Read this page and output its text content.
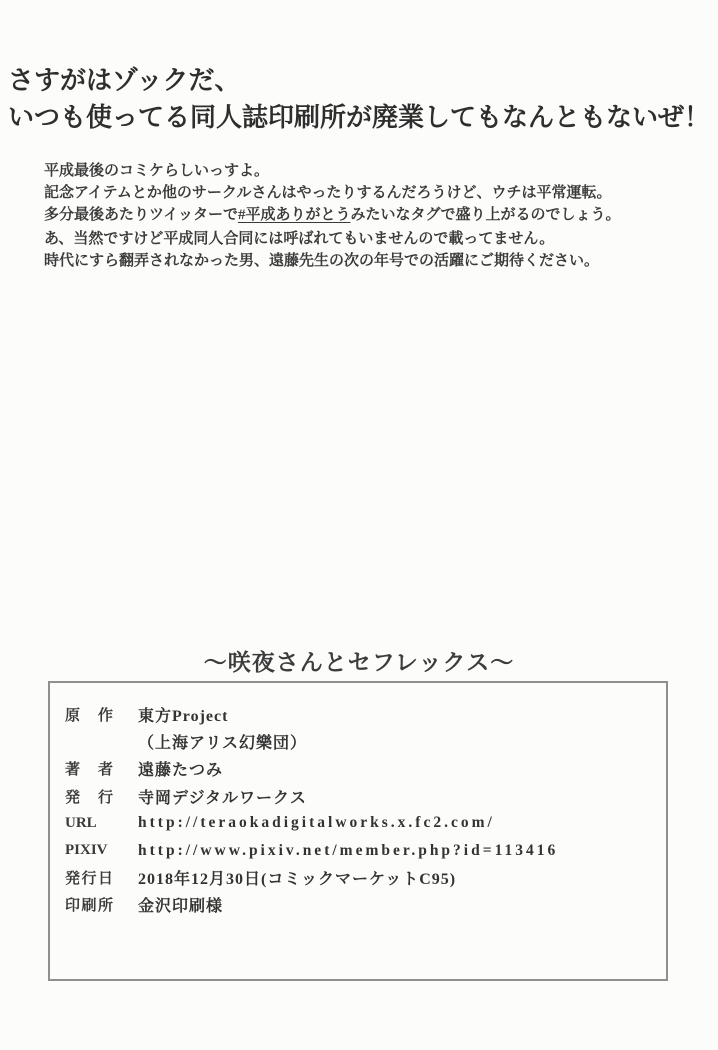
さすがはゾックだ、
いつも使ってる同人誌印刷所が廃業してもなんともないぜ！
平成最後のコミケらしいっすよ。
記念アイテムとか他のサークルさんはやったりするんだろうけど、ウチは平常運転。
多分最後あたりツイッターで#平成ありがとうみたいなタグで盛り上がるのでしょう。
あ、当然ですけど平成同人合同には呼ばれてもいませんので載ってません。
時代にすら翻弄されなかった男、遠藤先生の次の年号での活躍にご期待ください。
～咲夜さんとセフレックス～
原作 東方Project
（上海アリス幻樂団）
著者 遠藤たつみ
発行 寺岡デジタルワークス
URL	http://teraokadigitalworks.x.fc2.com/
PIXIV	http://www.pixiv.net/member.php?id=113416
発行日 2018年12月30日(コミックマーケットC95)
印刷所 金沢印刷様
